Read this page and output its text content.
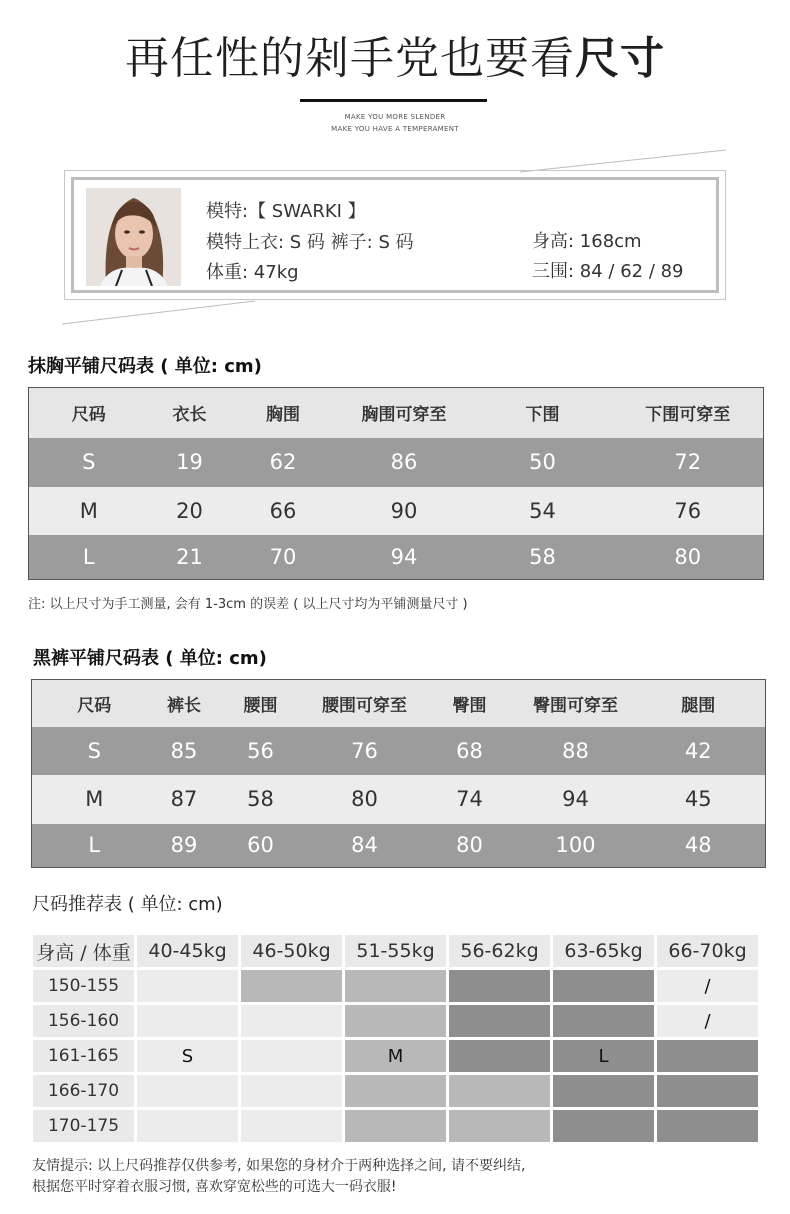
再任性的剁手党也要看尺寸
MAKE YOU MORE SLENDER
MAKE YOU HAVE A TEMPERAMENT
模特:【 SWARKI 】
模特上衣: S 码 裤子: S 码
体重: 47kg
身高: 168cm
三围: 84 / 62 / 89
抹胸平铺尺码表 ( 单位: cm)
尺码	衣长	胸围	胸围可穿至	下围	下围可穿至
S	19	62	86	50	72
M	20	66	90	54	76
L	21	70	94	58	80
注: 以上尺寸为手工测量, 会有 1-3cm 的误差 ( 以上尺寸均为平铺测量尺寸 )
黑裤平铺尺码表 ( 单位: cm)
尺码	裤长	腰围	腰围可穿至	臀围	臀围可穿至	腿围
S	85	56	76	68	88	42
M	87	58	80	74	94	45
L	89	60	84	80	100	48
尺码推荐表 ( 单位: cm)
身高 / 体重	40-45kg	46-50kg	51-55kg	56-62kg	63-65kg	66-70kg
150-155						/
156-160						/
161-165	S		M		L	
166-170						
170-175						
友情提示: 以上尺码推荐仅供参考, 如果您的身材介于两种选择之间, 请不要纠结,
根据您平时穿着衣服习惯, 喜欢穿宽松些的可选大一码衣服!
